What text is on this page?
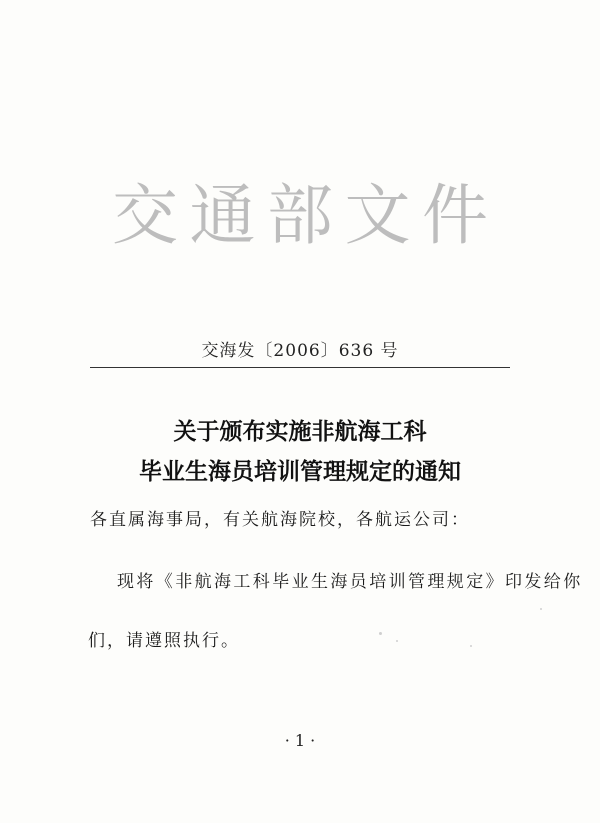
交 通 部 文 件
交海发〔2006〕636 号
关于颁布实施非航海工科
毕业生海员培训管理规定的通知
各直属海事局，有关航海院校，各航运公司：
现将《非航海工科毕业生海员培训管理规定》印发给你
们，请遵照执行。
· 1 ·
